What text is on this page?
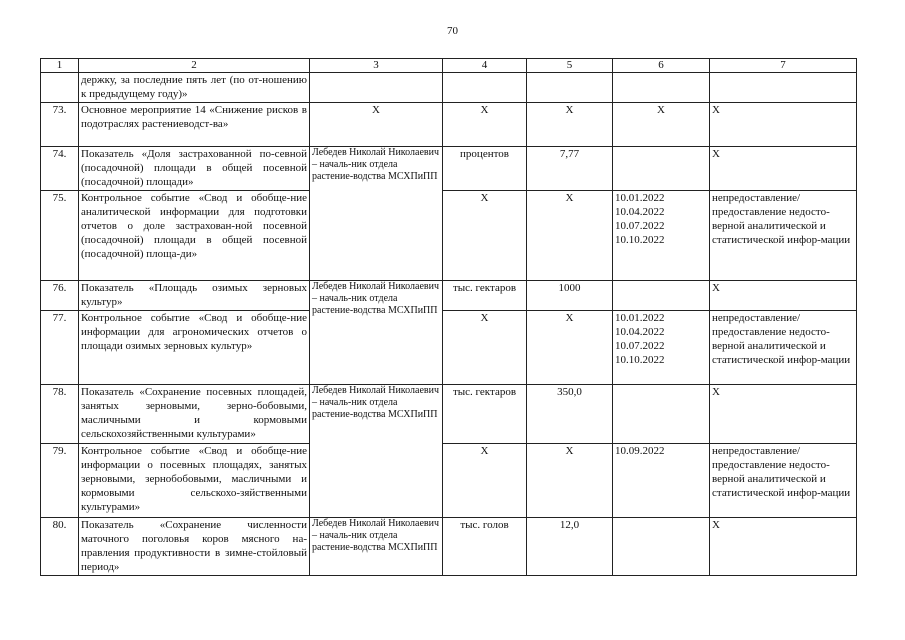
70
1	2	3	4	5	6	7
	держку, за последние пять лет (по от-ношению к предыдущему году)»					
73.	Основное мероприятие 14 «Снижение рисков в подотраслях растениеводст-ва»	X	X	X	X	X
74.	Показатель «Доля застрахованной по-севной (посадочной) площади в общей посевной (посадочной) площади»	Лебедев Николай Николаевич – началь-ник отдела растение-водства МСХПиПП	процентов	7,77		X
75.	Контрольное событие «Свод и обобще-ние аналитической информации для подготовки отчетов о доле застрахован-ной посевной (посадочной) площади в общей посевной (посадочной) площа-ди»		X	X	10.01.2022
10.04.2022
10.07.2022
10.10.2022	непредоставление/ предоставление недосто-верной аналитической и статистической инфор-мации
76.	Показатель «Площадь озимых зерновых культур»	Лебедев Николай Николаевич – началь-ник отдела растение-водства МСХПиПП	тыс. гектаров	1000		X
77.	Контрольное событие «Свод и обобще-ние информации для агрономических отчетов о площади озимых зерновых культур»		X	X	10.01.2022
10.04.2022
10.07.2022
10.10.2022	непредоставление/ предоставление недосто-верной аналитической и статистической инфор-мации
78.	Показатель «Сохранение посевных площадей, занятых зерновыми, зерно-бобовыми, масличными и кормовыми сельскохозяйственными культурами»	Лебедев Николай Николаевич – началь-ник отдела растение-водства МСХПиПП	тыс. гектаров	350,0		X
79.	Контрольное событие «Свод и обобще-ние информации о посевных площадях, занятых зерновыми, зернобобовыми, масличными и кормовыми сельскохо-зяйственными культурами»		X	X	10.09.2022	непредоставление/ предоставление недосто-верной аналитической и статистической инфор-мации
80.	Показатель «Сохранение численности маточного поголовья коров мясного на-правления продуктивности в зимне-стойловый период»	Лебедев Николай Николаевич – началь-ник отдела растение-водства МСХПиПП	тыс. голов	12,0		X
